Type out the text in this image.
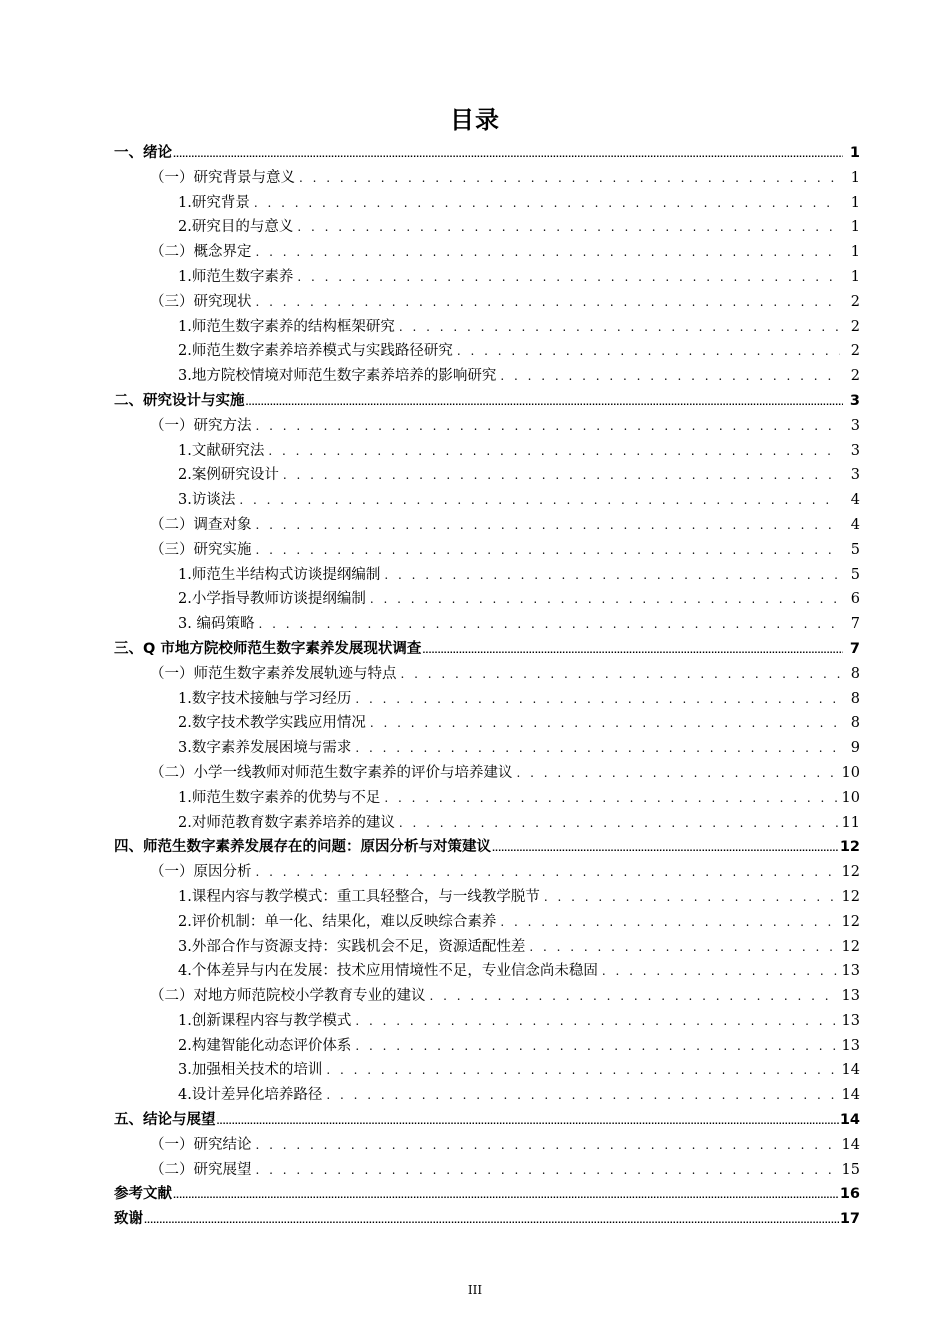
目录
一、绪论 .....	1
（一）研究背景与意义 . . .	1
1.研究背景 . . .	1
2.研究目的与意义 . . .	1
（二）概念界定 . . .	1
1.师范生数字素养 . . .	1
（三）研究现状 . . .	2
1.师范生数字素养的结构框架研究 . . .	2
2.师范生数字素养培养模式与实践路径研究 . . .	2
3.地方院校情境对师范生数字素养培养的影响研究 . . .	2
二、研究设计与实施 .....	3
（一）研究方法 . . .	3
1.文献研究法 . . .	3
2.案例研究设计 . . .	3
3.访谈法 . . .	4
（二）调查对象 . . .	4
（三）研究实施 . . .	5
1.师范生半结构式访谈提纲编制 . . .	5
2.小学指导教师访谈提纲编制 . . .	6
3. 编码策略 . . .	7
三、Q 市地方院校师范生数字素养发展现状调查 .....	7
（一）师范生数字素养发展轨迹与特点 . . .	8
1.数字技术接触与学习经历 . . .	8
2.数字技术教学实践应用情况 . . .	8
3.数字素养发展困境与需求 . . .	9
（二）小学一线教师对师范生数字素养的评价与培养建议 . . .	10
1.师范生数字素养的优势与不足 . . .	10
2.对师范教育数字素养培养的建议 . . .	11
四、师范生数字素养发展存在的问题：原因分析与对策建议 .....	12
（一）原因分析 . . .	12
1.课程内容与教学模式：重工具轻整合，与一线教学脱节 . . .	12
2.评价机制：单一化、结果化，难以反映综合素养 . . .	12
3.外部合作与资源支持：实践机会不足，资源适配性差 . . .	12
4.个体差异与内在发展：技术应用情境性不足，专业信念尚未稳固 . . .	13
（二）对地方师范院校小学教育专业的建议 . . .	13
1.创新课程内容与教学模式 . . .	13
2.构建智能化动态评价体系 . . .	13
3.加强相关技术的培训 . . .	14
4.设计差异化培养路径 . . .	14
五、结论与展望 .....	14
（一）研究结论 . . .	14
（二）研究展望 . . .	15
参考文献 .....	16
致谢 .....	17
III
